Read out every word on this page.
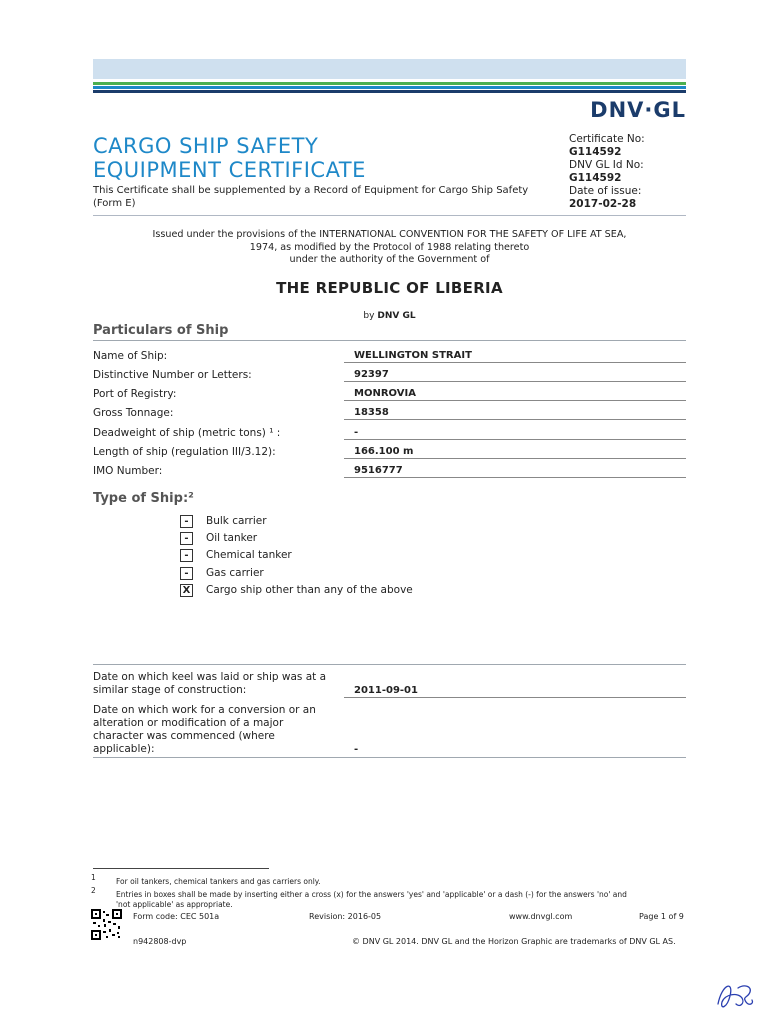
DNV·GL
CARGO SHIP SAFETY
EQUIPMENT CERTIFICATE
This Certificate shall be supplemented by a Record of Equipment for Cargo Ship Safety (Form E)
Certificate No:
G114592
DNV GL Id No:
G114592
Date of issue:
2017-02-28
Issued under the provisions of the INTERNATIONAL CONVENTION FOR THE SAFETY OF LIFE AT SEA,
1974, as modified by the Protocol of 1988 relating thereto
under the authority of the Government of
THE REPUBLIC OF LIBERIA
by DNV GL
Particulars of Ship
Name of Ship:	WELLINGTON STRAIT
Distinctive Number or Letters:	92397
Port of Registry:	MONROVIA
Gross Tonnage:	18358
Deadweight of ship (metric tons) ¹ :	-
Length of ship (regulation III/3.12):	166.100 m
IMO Number:	9516777
Type of Ship:²
-	Bulk carrier
-	Oil tanker
-	Chemical tanker
-	Gas carrier
X Cargo ship other than any of the above
Date on which keel was laid or ship was at a
similar stage of construction:	2011-09-01
Date on which work for a conversion or an
alteration or modification of a major
character was commenced (where
applicable):	-
1	For oil tankers, chemical tankers and gas carriers only.
2	Entries in boxes shall be made by inserting either a cross (x) for the answers 'yes' and 'applicable' or a dash (-) for the answers 'no' and
'not applicable' as appropriate.
Form code: CEC 501a	Revision: 2016-05	www.dnvgl.com	Page 1 of 9
n942808-dvp	© DNV GL 2014. DNV GL and the Horizon Graphic are trademarks of DNV GL AS.
